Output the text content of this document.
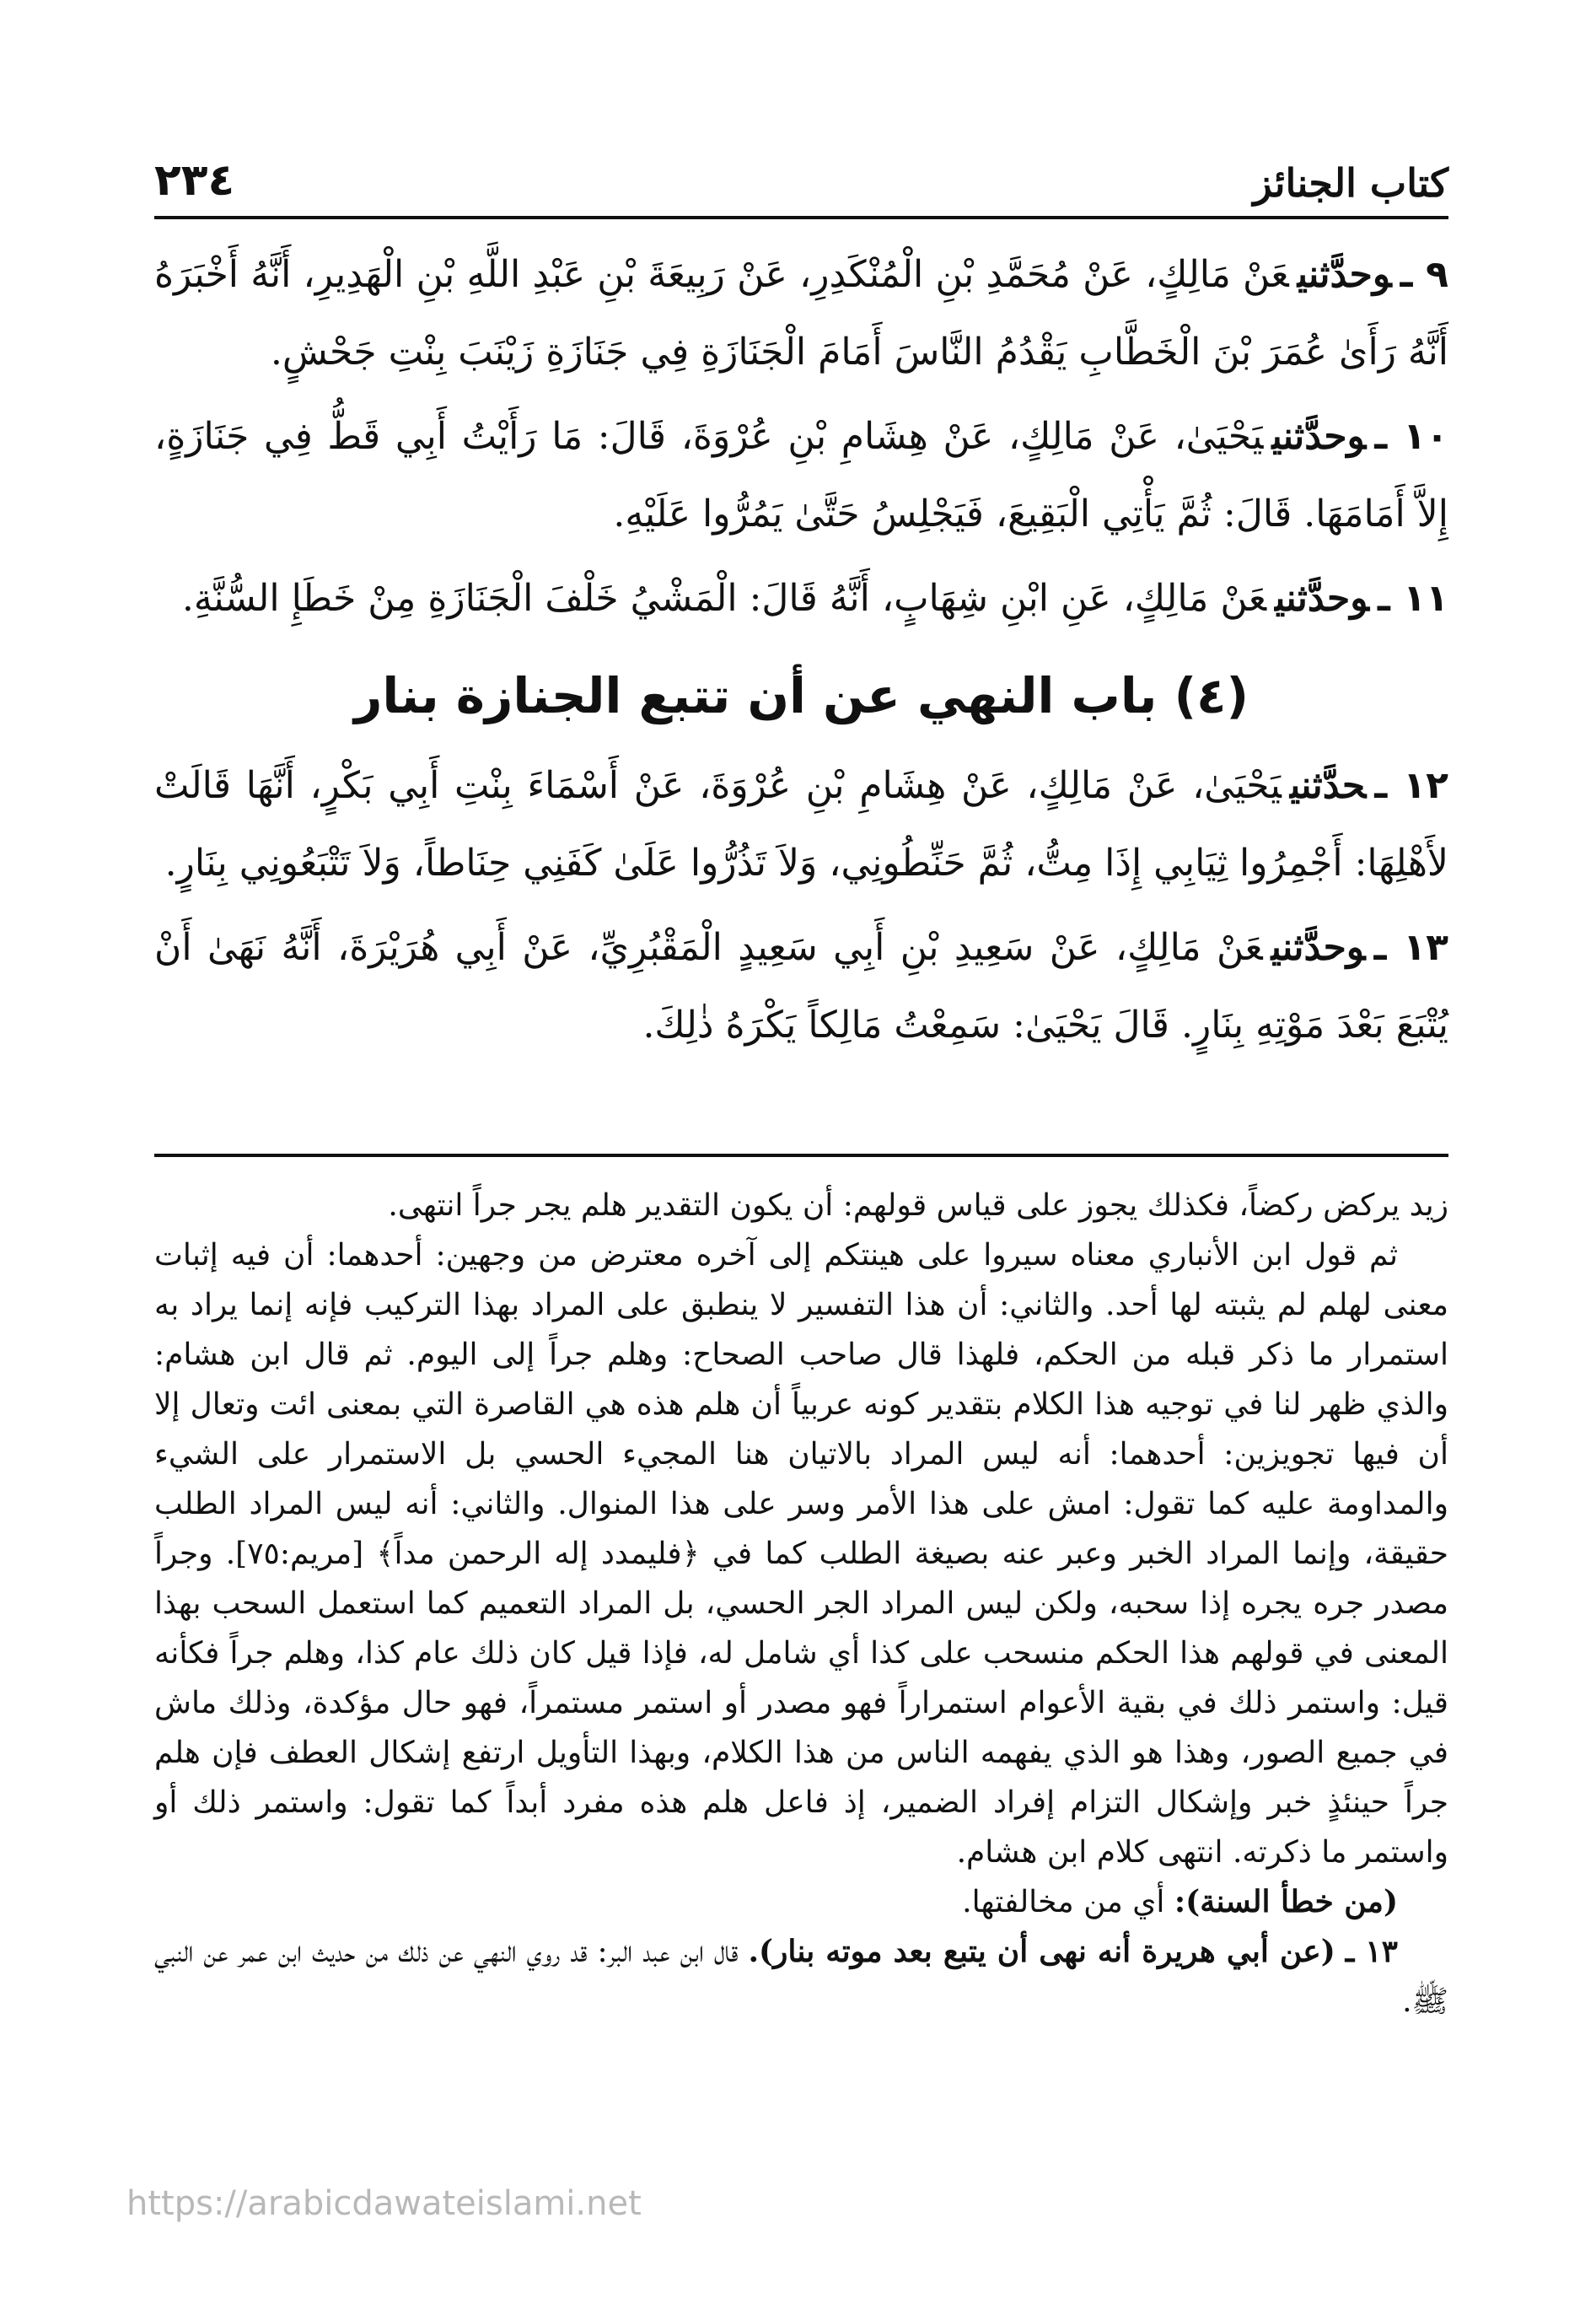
كتاب الجنائز
٢٣٤

٩ ـوحدَّثنيعَنْ مَالِكٍ، عَنْ مُحَمَّدِ بْنِ الْمُنْكَدِرِ، عَنْ رَبِيعَةَ بْنِ عَبْدِ اللَّهِ بْنِ الْهَدِيرِ، أَنَّهُ أَخْبَرَهُ أَنَّهُ رَأَىٰ عُمَرَ بْنَ الْخَطَّابِ يَقْدُمُ النَّاسَ أَمَامَ الْجَنَازَةِ فِي جَنَازَةِ زَيْنَبَ بِنْتِ جَحْشٍ.

١٠ ـوحدَّثنييَحْيَىٰ، عَنْ مَالِكٍ، عَنْ هِشَامِ بْنِ عُرْوَةَ، قَالَ: مَا رَأَيْتُ أَبِي قَطُّ فِي جَنَازَةٍ، إِلاَّ أَمَامَهَا. قَالَ: ثُمَّ يَأْتِي الْبَقِيعَ، فَيَجْلِسُ حَتَّىٰ يَمُرُّوا عَلَيْهِ.

١١ ـوحدَّثنيعَنْ مَالِكٍ، عَنِ ابْنِ شِهَابٍ، أَنَّهُ قَالَ: الْمَشْيُ خَلْفَ الْجَنَازَةِ مِنْ خَطَإِ السُّنَّةِ.

(٤) باب النهي عن أن تتبع الجنازة بنار

١٢ ـحدَّثنييَحْيَىٰ، عَنْ مَالِكٍ، عَنْ هِشَامِ بْنِ عُرْوَةَ، عَنْ أَسْمَاءَ بِنْتِ أَبِي بَكْرٍ، أَنَّهَا قَالَتْ لأَهْلِهَا: أَجْمِرُوا ثِيَابِي إِذَا مِتُّ، ثُمَّ حَنِّطُونِي، وَلاَ تَذُرُّوا عَلَىٰ كَفَنِي حِنَاطاً، وَلاَ تَتْبَعُونِي بِنَارٍ.

١٣ ـوحدَّثنيعَنْ مَالِكٍ، عَنْ سَعِيدِ بْنِ أَبِي سَعِيدٍ الْمَقْبُرِيِّ، عَنْ أَبِي هُرَيْرَةَ، أَنَّهُ نَهَىٰ أَنْ يُتْبَعَ بَعْدَ مَوْتِهِ بِنَارٍ. قَالَ يَحْيَىٰ: سَمِعْتُ مَالِكاً يَكْرَهُ ذٰلِكَ.

زيد يركض ركضاً، فكذلك يجوز على قياس قولهم: أن يكون التقدير هلم يجر جراً انتهى.

ثم قول ابن الأنباري معناه سيروا على هينتكم إلى آخره معترض من وجهين: أحدهما: أن فيه إثبات معنى لهلم لم يثبته لها أحد. والثاني: أن هذا التفسير لا ينطبق على المراد بهذا التركيب فإنه إنما يراد به استمرار ما ذكر قبله من الحكم، فلهذا قال صاحب الصحاح: وهلم جراً إلى اليوم. ثم قال ابن هشام: والذي ظهر لنا في توجيه هذا الكلام بتقدير كونه عربياً أن هلم هذه هي القاصرة التي بمعنى ائت وتعال إلا أن فيها تجويزين: أحدهما: أنه ليس المراد بالاتيان هنا المجيء الحسي بل الاستمرار على الشيء والمداومة عليه كما تقول: امش على هذا الأمر وسر على هذا المنوال. والثاني: أنه ليس المراد الطلب حقيقة، وإنما المراد الخبر وعبر عنه بصيغة الطلب كما في ﴿فليمدد إله الرحمن مداً﴾ [مريم:٧٥]. وجراً مصدر جره يجره إذا سحبه، ولكن ليس المراد الجر الحسي، بل المراد التعميم كما استعمل السحب بهذا المعنى في قولهم هذا الحكم منسحب على كذا أي شامل له، فإذا قيل كان ذلك عام كذا، وهلم جراً فكأنه قيل: واستمر ذلك في بقية الأعوام استمراراً فهو مصدر أو استمر مستمراً، فهو حال مؤكدة، وذلك ماش في جميع الصور، وهذا هو الذي يفهمه الناس من هذا الكلام، وبهذا التأويل ارتفع إشكال العطف فإن هلم جراً حينئذٍ خبر وإشكال التزام إفراد الضمير، إذ فاعل هلم هذه مفرد أبداً كما تقول: واستمر ذلك أو واستمر ما ذكرته. انتهى كلام ابن هشام.

(من خطأ السنة): أي من مخالفتها.

١٣ ـ (عن أبي هريرة أنه نهى أن يتبع بعد موته بنار). قال ابن عبد البر: قد روي النهي عن ذلك من حديث ابن عمر عن النبي ﷺ.

https://arabicdawateislami.net
